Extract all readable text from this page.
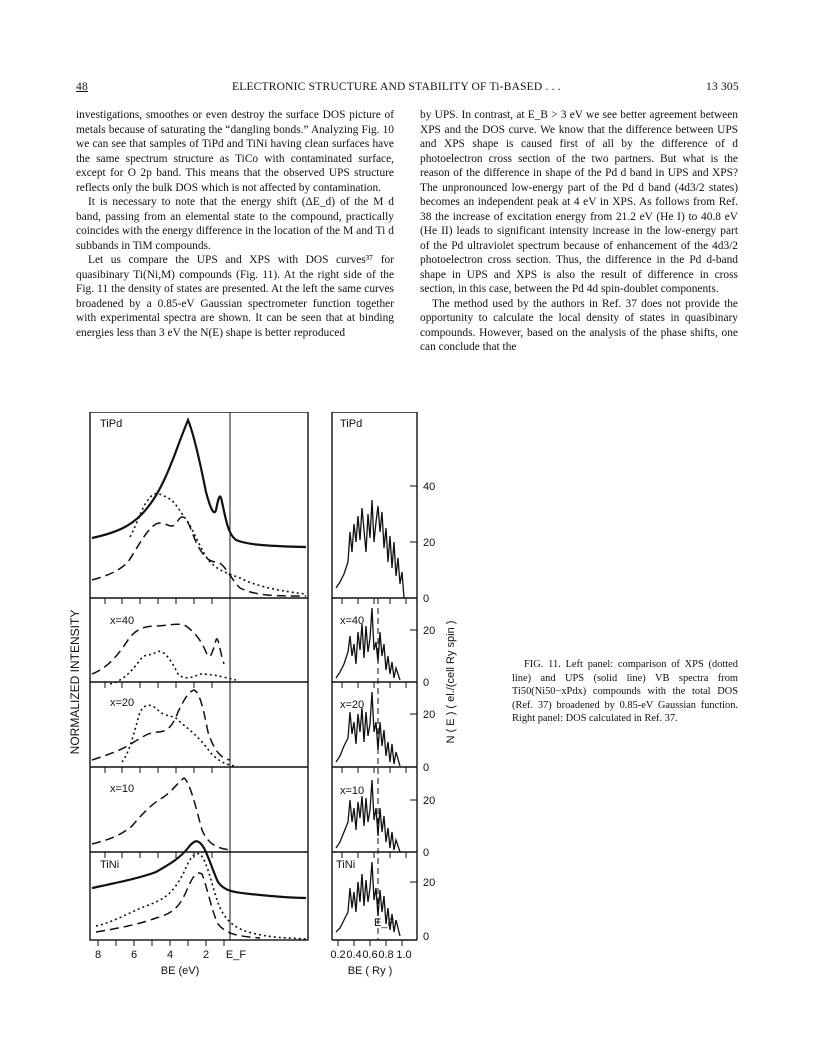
48	ELECTRONIC STRUCTURE AND STABILITY OF Ti-BASED . . .	13 305

investigations, smoothes or even destroy the surface DOS picture of metals because of saturating the “dangling bonds.” Analyzing Fig. 10 we can see that samples of TiPd and TiNi having clean surfaces have the same spectrum structure as TiCo with contaminated surface, except for O 2p band. This means that the observed UPS structure reflects only the bulk DOS which is not affected by contamination.

It is necessary to note that the energy shift (ΔE_d) of the M d band, passing from an elemental state to the compound, practically coincides with the energy difference in the location of the M and Ti d subbands in TiM compounds.

Let us compare the UPS and XPS with DOS curves³⁷ for quasibinary Ti(Ni,M) compounds (Fig. 11). At the right side of the Fig. 11 the density of states are presented. At the left the same curves broadened by a 0.85-eV Gaussian spectrometer function together with experimental spectra are shown. It can be seen that at binding energies less than 3 eV the N(E) shape is better reproduced

by UPS. In contrast, at E_B > 3 eV we see better agreement between XPS and the DOS curve. We know that the difference between UPS and XPS shape is caused first of all by the difference of d photoelectron cross section of the two partners. But what is the reason of the difference in shape of the Pd d band in UPS and XPS? The unpronounced low-energy part of the Pd d band (4d3/2 states) becomes an independent peak at 4 eV in XPS. As follows from Ref. 38 the increase of excitation energy from 21.2 eV (He I) to 40.8 eV (He II) leads to significant intensity increase in the low-energy part of the Pd ultraviolet spectrum because of enhancement of the 4d3/2 photoelectron cross section. Thus, the difference in the Pd d-band shape in UPS and XPS is also the result of difference in cross section, in this case, between the Pd 4d spin-doublet components.

The method used by the authors in Ref. 37 does not provide the opportunity to calculate the local density of states in quasibinary compounds. However, based on the analysis of the phase shifts, one can conclude that the

TiPd
x=40
x=20
x=10
TiNi
8	6	4	2 E_F
BE (eV)
NORMALIZED INTENSITY
TiPd
x=40
x=20
x=10
TiNi
E_F
40
20
0
20
0
20
0
20
0
20
0
0.2 0.4 0.6 0.8 1.0
BE ( Ry )
N ( E ) ( el./(cell Ry spin )	FIG. 11. Left panel: comparison of XPS (dotted line) and UPS (solid line) VB spectra from Ti50(Ni50−xPdx) compounds with the total DOS (Ref. 37) broadened by 0.85-eV Gaussian function. Right panel: DOS calculated in Ref. 37.
